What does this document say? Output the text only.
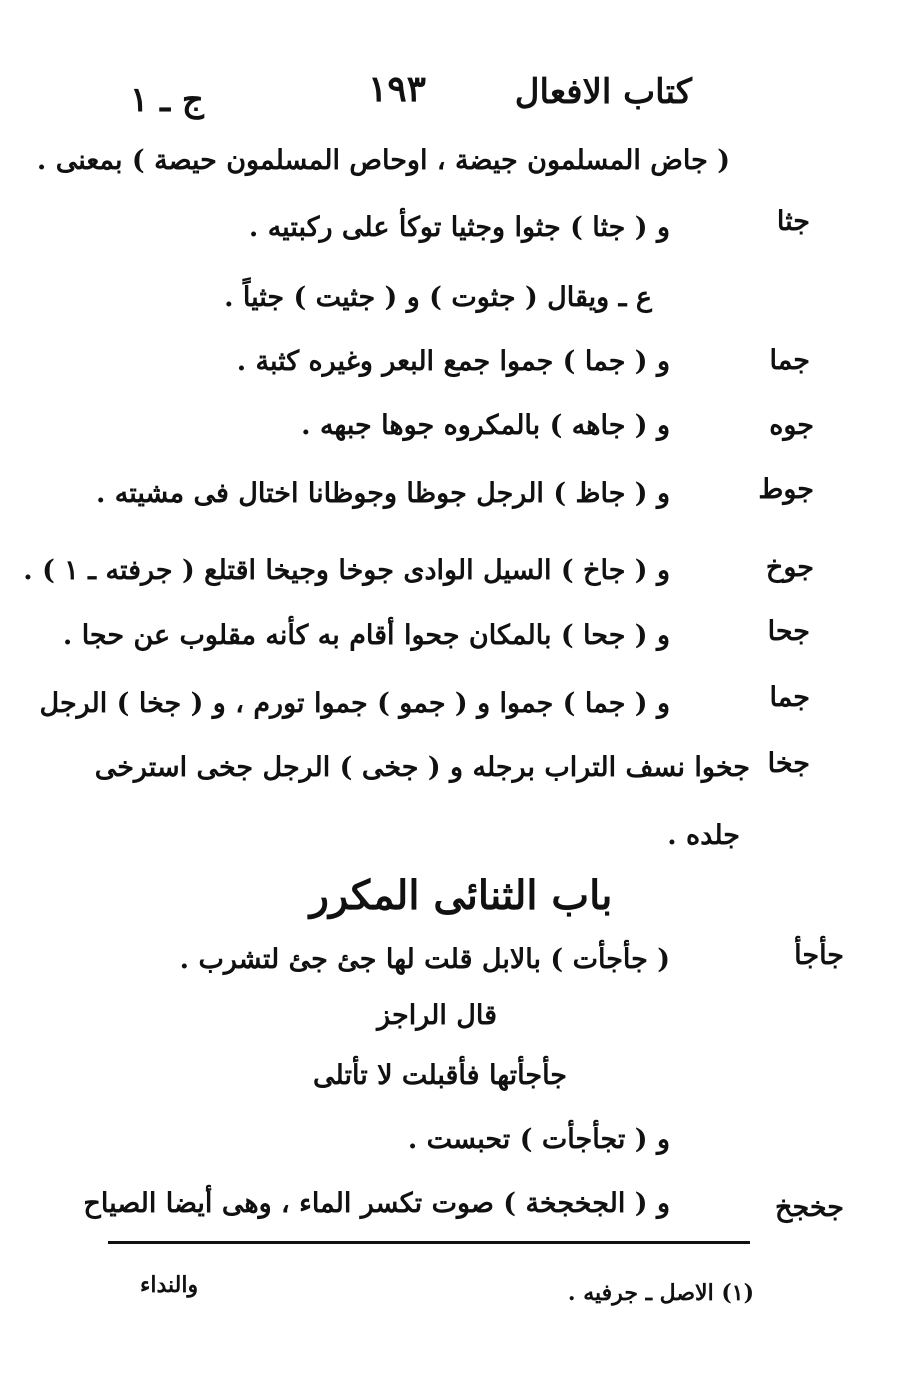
كتاب الافعال
١٩٣
ج ـ ١
( جاض المسلمون جيضة ، اوحاص المسلمون حيصة ) بمعنى .
جثا
و ( جثا ) جثوا وجثيا توكأ على ركبتيه .
ع ـ ويقال ( جثوت ) و ( جثيت ) جثياً .
جما
و ( جما ) جموا جمع البعر وغيره كثبة .
جوه
و ( جاهه ) بالمكروه جوها جبهه .
جوط
و ( جاظ ) الرجل جوظا وجوظانا اختال فى مشيته .
جوخ
و ( جاخ ) السيل الوادى جوخا وجيخا اقتلع ( جرفته ـ ١ ) .
جحا
و ( جحا ) بالمكان جحوا أقام به كأنه مقلوب عن حجا .
جما
و ( جما ) جموا و ( جمو ) جموا تورم ، و ( جخا ) الرجل
جخا
جخوا نسف التراب برجله و ( جخى ) الرجل جخى استرخى
جلده .
باب الثنائى المكرر
جأجأ
( جأجأت ) بالابل قلت لها جئ جئ لتشرب .
قال الراجز
جأجأتها فأقبلت لا تأتلى
و ( تجأجأت ) تحبست .
جخجخ
و ( الجخجخة ) صوت تكسر الماء ، وهى أيضا الصياح
(١) الاصل ـ جرفيه .
والنداء
